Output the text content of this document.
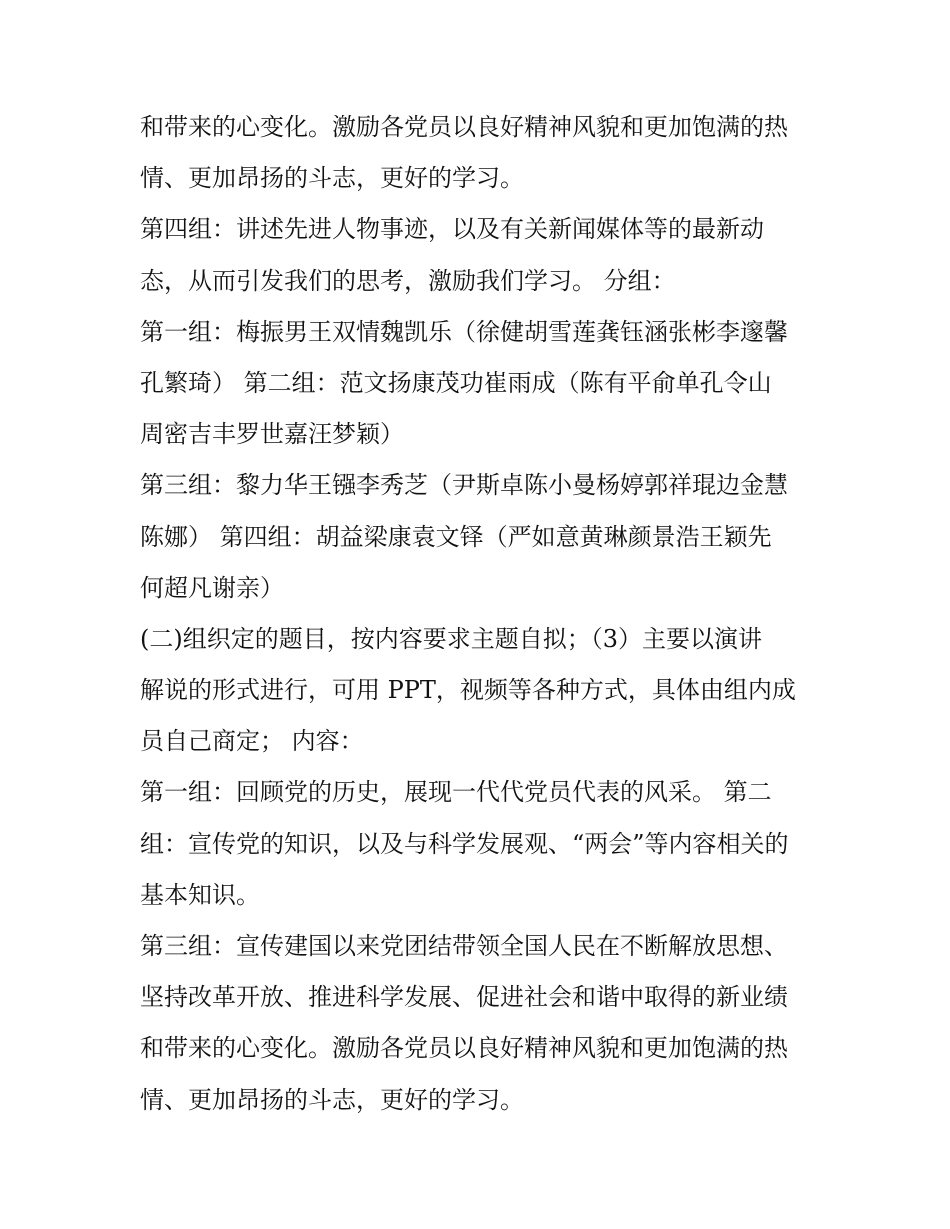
和带来的心变化。激励各党员以良好精神风貌和更加饱满的热
情、更加昂扬的斗志，更好的学习。
第四组：讲述先进人物事迹，以及有关新闻媒体等的最新动
态，从而引发我们的思考，激励我们学习。 分组：
第一组：梅振男王双情魏凯乐（徐健胡雪莲龚钰涵张彬李邃馨
孔繁琦） 第二组：范文扬康茂功崔雨成（陈有平俞单孔令山
周密吉丰罗世嘉汪梦颖）
第三组：黎力华王镪李秀芝（尹斯卓陈小曼杨婷郭祥琨边金慧
陈娜） 第四组：胡益梁康袁文铎（严如意黄琳颜景浩王颖先
何超凡谢亲）
(二)组织定的题目，按内容要求主题自拟；（3）主要以演讲
解说的形式进行，可用 PPT，视频等各种方式，具体由组内成
员自己商定； 内容：
第一组：回顾党的历史，展现一代代党员代表的风采。 第二
组：宣传党的知识，以及与科学发展观、“两会”等内容相关的
基本知识。
第三组：宣传建国以来党团结带领全国人民在不断解放思想、
坚持改革开放、推进科学发展、促进社会和谐中取得的新业绩
和带来的心变化。激励各党员以良好精神风貌和更加饱满的热
情、更加昂扬的斗志，更好的学习。
